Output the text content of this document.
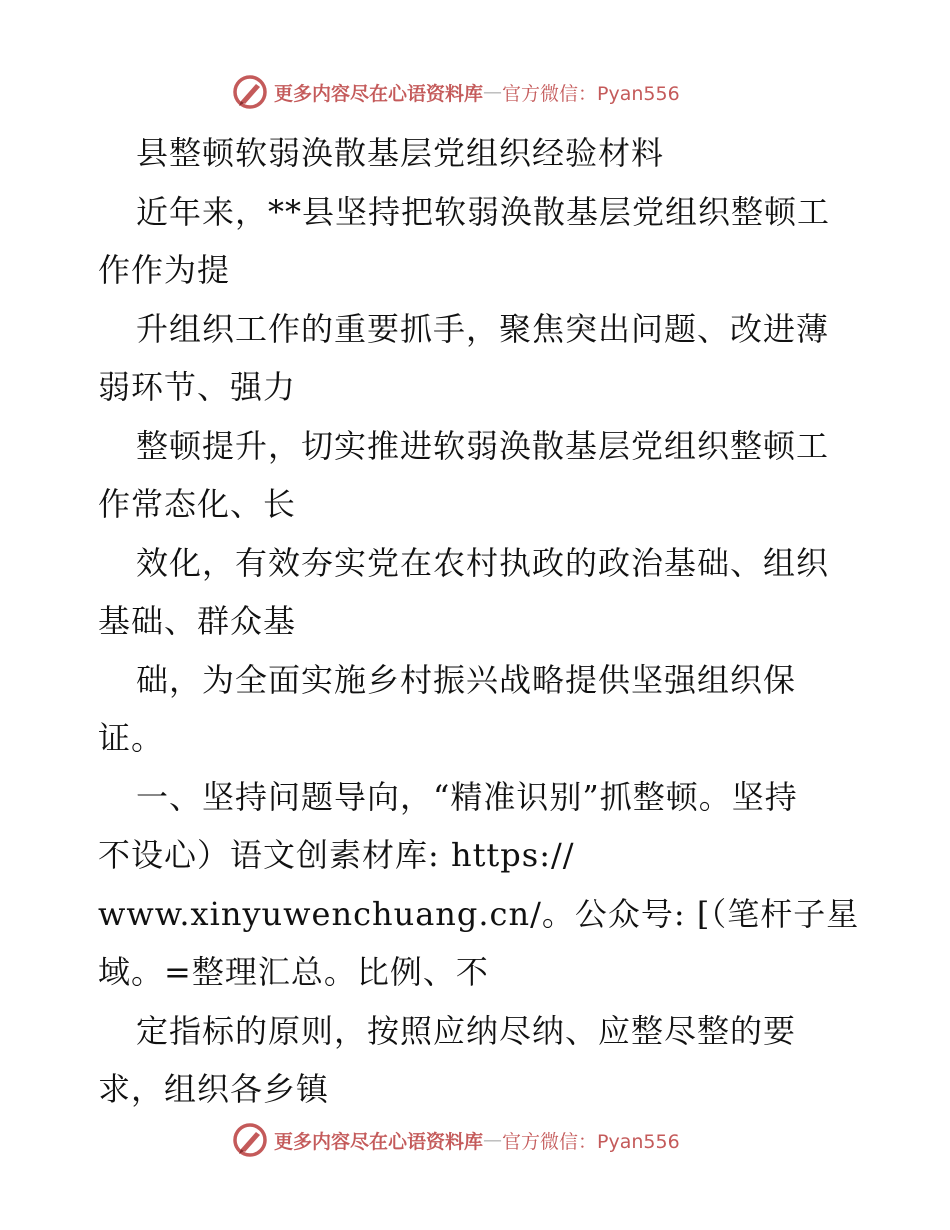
更多内容尽在心语资料库 — 官方微信：Pyan556
县整顿软弱涣散基层党组织经验材料
近年来，**县坚持把软弱涣散基层党组织整顿工
作作为提
升组织工作的重要抓手，聚焦突出问题、改进薄
弱环节、强力
整顿提升，切实推进软弱涣散基层党组织整顿工
作常态化、长
效化，有效夯实党在农村执政的政治基础、组织
基础、群众基
础，为全面实施乡村振兴战略提供坚强组织保
证。
一、坚持问题导向，“精准识别”抓整顿。坚持
不设心）语文创素材库: https://
www.xinyuwenchuang.cn/。公众号: [（笔杆子星
域。=整理汇总。比例、不
定指标的原则，按照应纳尽纳、应整尽整的要
求，组织各乡镇
更多内容尽在心语资料库 — 官方微信：Pyan556
